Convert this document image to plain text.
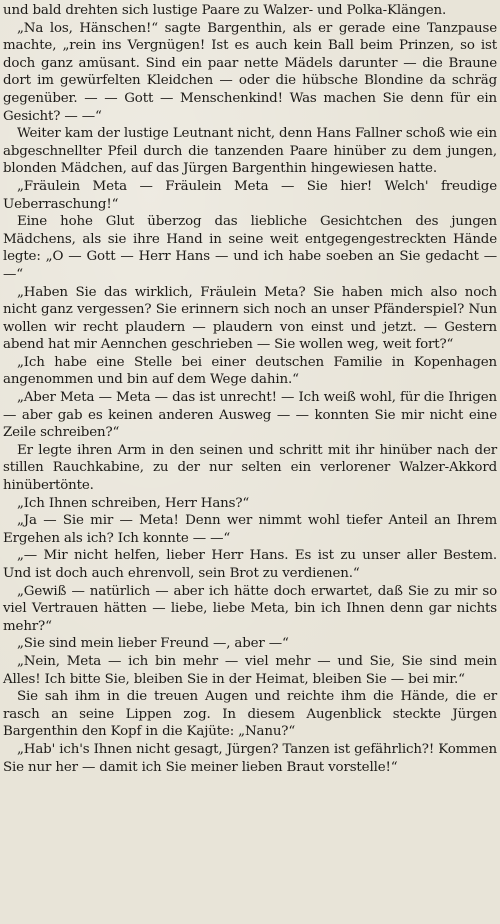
und bald drehten sich lustige Paare zu Walzer- und Polka-Klängen.

„Na los, Hänschen!“ sagte Bargenthin, als er gerade eine Tanzpause machte, „rein ins Vergnügen! Ist es auch kein Ball beim Prinzen, so ist doch ganz amüsant. Sind ein paar nette Mädels darunter — die Braune dort im gewürfelten Kleidchen — oder die hübsche Blondine da schräg gegenüber. — — Gott — Menschenkind! Was machen Sie denn für ein Gesicht? — —“

Weiter kam der lustige Leutnant nicht, denn Hans Fallner schoß wie ein abgeschnellter Pfeil durch die tanzenden Paare hinüber zu dem jungen, blonden Mädchen, auf das Jürgen Bargenthin hingewiesen hatte.

„Fräulein Meta — Fräulein Meta — Sie hier! Welch' freudige Ueberraschung!“

Eine hohe Glut überzog das liebliche Gesichtchen des jungen Mädchens, als sie ihre Hand in seine weit entgegengestreckten Hände legte: „O — Gott — Herr Hans — und ich habe soeben an Sie gedacht — —“

„Haben Sie das wirklich, Fräulein Meta? Sie haben mich also noch nicht ganz vergessen? Sie erinnern sich noch an unser Pfänderspiel? Nun wollen wir recht plaudern — plaudern von einst und jetzt. — Gestern abend hat mir Aennchen geschrieben — Sie wollen weg, weit fort?“

„Ich habe eine Stelle bei einer deutschen Familie in Kopenhagen angenommen und bin auf dem Wege dahin.“

„Aber Meta — Meta — das ist unrecht! — Ich weiß wohl, für die Ihrigen — aber gab es keinen anderen Ausweg — — konnten Sie mir nicht eine Zeile schreiben?“

Er legte ihren Arm in den seinen und schritt mit ihr hinüber nach der stillen Rauchkabine, zu der nur selten ein verlorener Walzer-Akkord hinübertönte.

„Ich Ihnen schreiben, Herr Hans?“

„Ja — Sie mir — Meta! Denn wer nimmt wohl tiefer Anteil an Ihrem Ergehen als ich? Ich konnte — —“

„— Mir nicht helfen, lieber Herr Hans. Es ist zu unser aller Bestem. Und ist doch auch ehrenvoll, sein Brot zu verdienen.“

„Gewiß — natürlich — aber ich hätte doch erwartet, daß Sie zu mir so viel Vertrauen hätten — liebe, liebe Meta, bin ich Ihnen denn gar nichts mehr?“

„Sie sind mein lieber Freund —, aber —“

„Nein, Meta — ich bin mehr — viel mehr — und Sie, Sie sind mein Alles! Ich bitte Sie, bleiben Sie in der Heimat, bleiben Sie — bei mir.“

Sie sah ihm in die treuen Augen und reichte ihm die Hände, die er rasch an seine Lippen zog. In diesem Augenblick steckte Jürgen Bargenthin den Kopf in die Kajüte: „Nanu?“

„Hab' ich's Ihnen nicht gesagt, Jürgen? Tanzen ist gefährlich?! Kommen Sie nur her — damit ich Sie meiner lieben Braut vorstelle!“
